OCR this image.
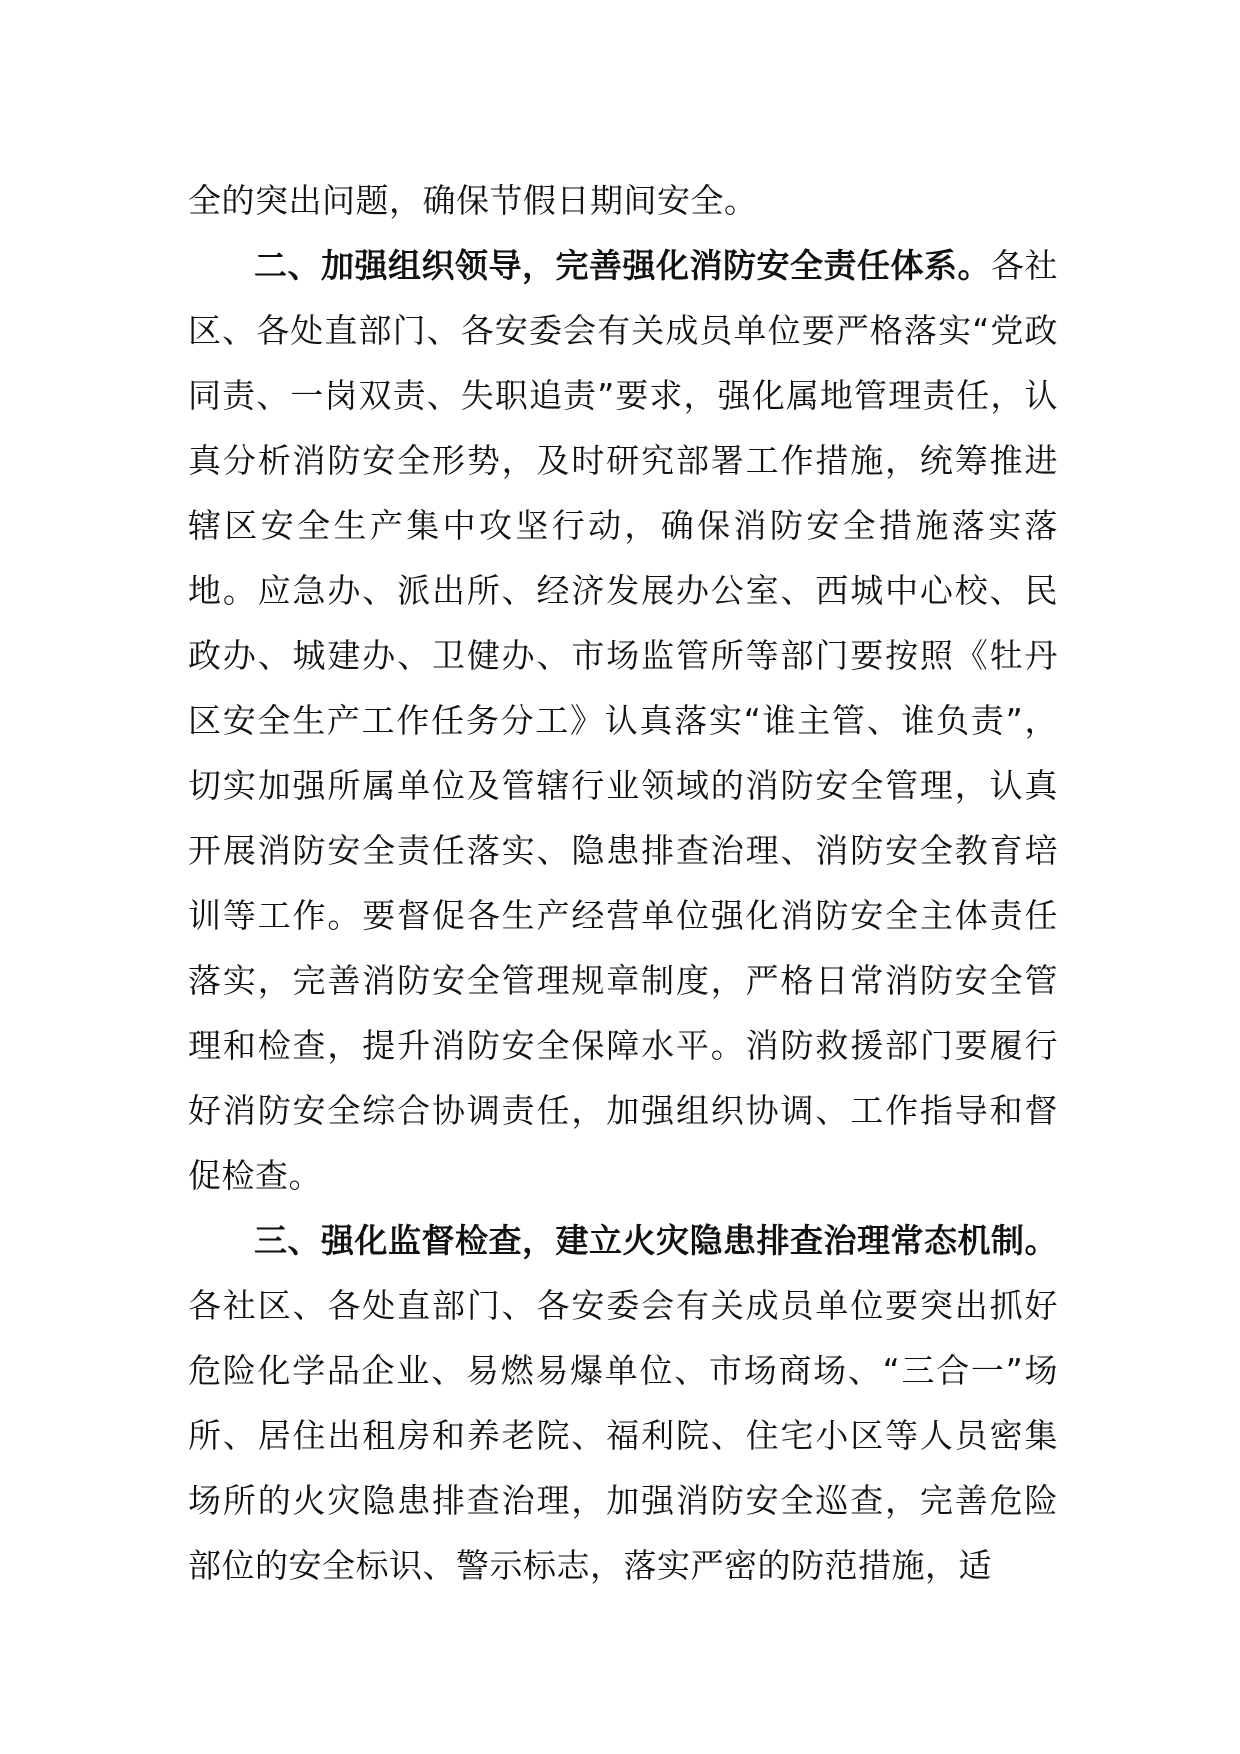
全的突出问题，确保节假日期间安全。

二、加强组织领导，完善强化消防安全责任体系。各社区、各处直部门、各安委会有关成员单位要严格落实“党政同责、一岗双责、失职追责”要求，强化属地管理责任，认真分析消防安全形势，及时研究部署工作措施，统筹推进辖区安全生产集中攻坚行动，确保消防安全措施落实落地。应急办、派出所、经济发展办公室、西城中心校、民政办、城建办、卫健办、市场监管所等部门要按照《牡丹区安全生产工作任务分工》认真落实“谁主管、谁负责”，切实加强所属单位及管辖行业领域的消防安全管理，认真开展消防安全责任落实、隐患排查治理、消防安全教育培训等工作。要督促各生产经营单位强化消防安全主体责任落实，完善消防安全管理规章制度，严格日常消防安全管理和检查，提升消防安全保障水平。消防救援部门要履行好消防安全综合协调责任，加强组织协调、工作指导和督促检查。

三、强化监督检查，建立火灾隐患排查治理常态机制。各社区、各处直部门、各安委会有关成员单位要突出抓好危险化学品企业、易燃易爆单位、市场商场、“三合一”场所、居住出租房和养老院、福利院、住宅小区等人员密集场所的火灾隐患排查治理，加强消防安全巡查，完善危险部位的安全标识、警示标志，落实严密的防范措施，适
